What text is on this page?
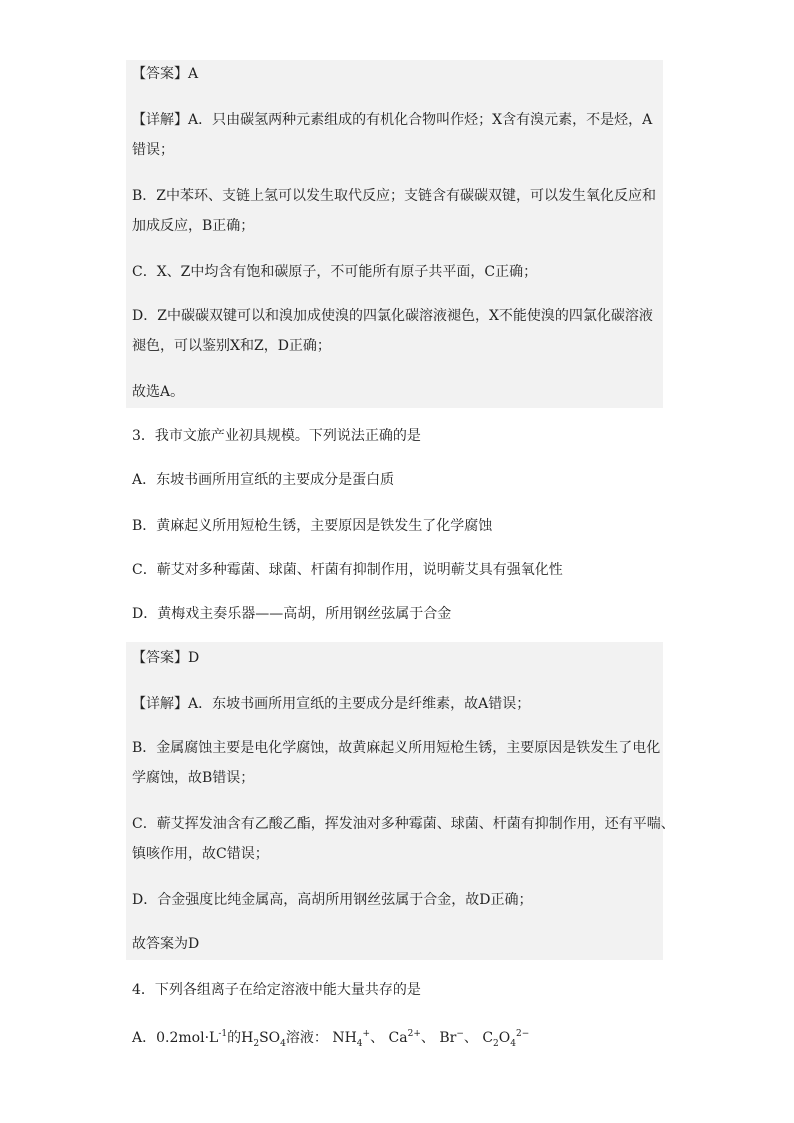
【答案】A
【详解】A．只由碳氢两种元素组成的有机化合物叫作烃；X含有溴元素，不是烃，A
错误；
B．Z中苯环、支链上氢可以发生取代反应；支链含有碳碳双键，可以发生氧化反应和
加成反应，B正确；
C．X、Z中均含有饱和碳原子，不可能所有原子共平面，C正确；
D．Z中碳碳双键可以和溴加成使溴的四氯化碳溶液褪色，X不能使溴的四氯化碳溶液
褪色，可以鉴别X和Z，D正确；
故选A。
3．我市文旅产业初具规模。下列说法正确的是
A．东坡书画所用宣纸的主要成分是蛋白质
B．黄麻起义所用短枪生锈，主要原因是铁发生了化学腐蚀
C．蕲艾对多种霉菌、球菌、杆菌有抑制作用，说明蕲艾具有强氧化性
D．黄梅戏主奏乐器——高胡，所用钢丝弦属于合金
【答案】D
【详解】A．东坡书画所用宣纸的主要成分是纤维素，故A错误；
B．金属腐蚀主要是电化学腐蚀，故黄麻起义所用短枪生锈，主要原因是铁发生了电化
学腐蚀，故B错误；
C．蕲艾挥发油含有乙酸乙酯，挥发油对多种霉菌、球菌、杆菌有抑制作用，还有平喘、
镇咳作用，故C错误；
D．合金强度比纯金属高，高胡所用钢丝弦属于合金，故D正确；
故答案为D
4．下列各组离子在给定溶液中能大量共存的是
A．$0.2mol\cdot L^{-1}$的$H_2SO_4$溶液： $NH_4^+$、 $Ca^{2+}$、 Br−、 $C_2O_4^{2-}$
